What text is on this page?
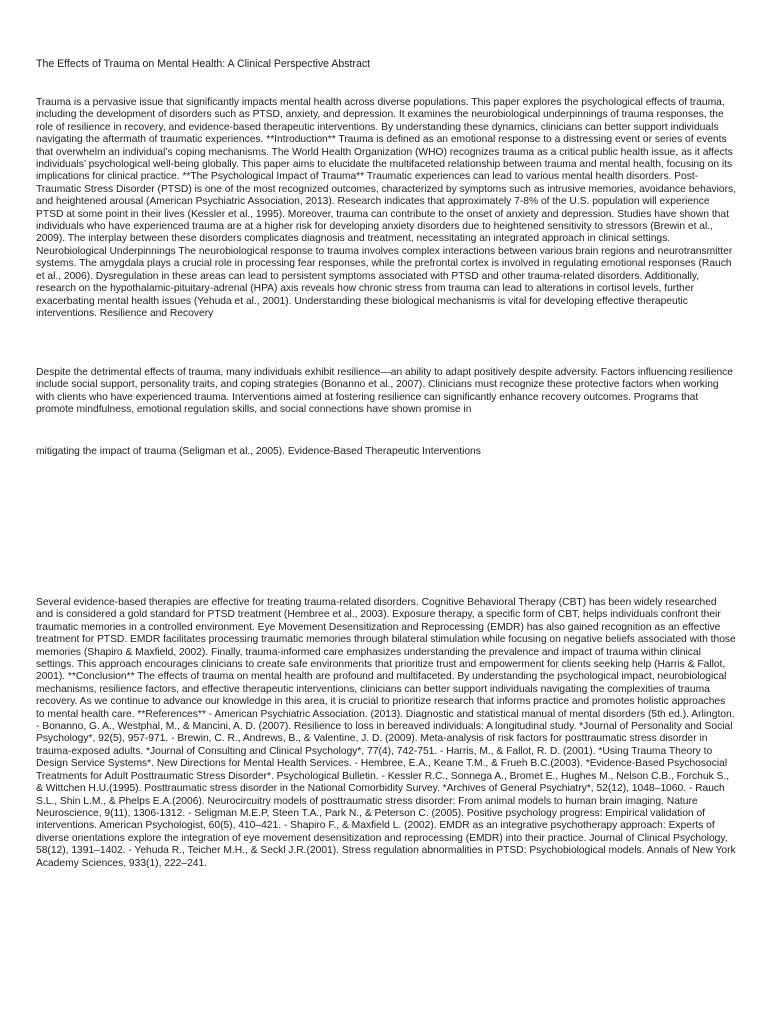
The Effects of Trauma on Mental Health: A Clinical Perspective Abstract

Trauma is a pervasive issue that significantly impacts mental health across diverse populations. This paper explores the psychological effects of trauma, including the development of disorders such as PTSD, anxiety, and depression. It examines the neurobiological underpinnings of trauma responses, the role of resilience in recovery, and evidence-based therapeutic interventions. By understanding these dynamics, clinicians can better support individuals navigating the aftermath of traumatic experiences. **Introduction** Trauma is defined as an emotional response to a distressing event or series of events that overwhelm an individual’s coping mechanisms. The World Health Organization (WHO) recognizes trauma as a critical public health issue, as it affects individuals’ psychological well-being globally. This paper aims to elucidate the multifaceted relationship between trauma and mental health, focusing on its implications for clinical practice. **The Psychological Impact of Trauma** Traumatic experiences can lead to various mental health disorders. Post-Traumatic Stress Disorder (PTSD) is one of the most recognized outcomes, characterized by symptoms such as intrusive memories, avoidance behaviors, and heightened arousal (American Psychiatric Association, 2013). Research indicates that approximately 7-8% of the U.S. population will experience PTSD at some point in their lives (Kessler et al., 1995). Moreover, trauma can contribute to the onset of anxiety and depression. Studies have shown that individuals who have experienced trauma are at a higher risk for developing anxiety disorders due to heightened sensitivity to stressors (Brewin et al., 2009). The interplay between these disorders complicates diagnosis and treatment, necessitating an integrated approach in clinical settings. Neurobiological Underpinnings The neurobiological response to trauma involves complex interactions between various brain regions and neurotransmitter systems. The amygdala plays a crucial role in processing fear responses, while the prefrontal cortex is involved in regulating emotional responses (Rauch et al., 2006). Dysregulation in these areas can lead to persistent symptoms associated with PTSD and other trauma-related disorders. Additionally, research on the hypothalamic-pituitary-adrenal (HPA) axis reveals how chronic stress from trauma can lead to alterations in cortisol levels, further exacerbating mental health issues (Yehuda et al., 2001). Understanding these biological mechanisms is vital for developing effective therapeutic interventions. Resilience and Recovery

Despite the detrimental effects of trauma, many individuals exhibit resilience—an ability to adapt positively despite adversity. Factors influencing resilience include social support, personality traits, and coping strategies (Bonanno et al., 2007). Clinicians must recognize these protective factors when working with clients who have experienced trauma. Interventions aimed at fostering resilience can significantly enhance recovery outcomes. Programs that promote mindfulness, emotional regulation skills, and social connections have shown promise in

mitigating the impact of trauma (Seligman et al., 2005). Evidence-Based Therapeutic Interventions

Several evidence-based therapies are effective for treating trauma-related disorders. Cognitive Behavioral Therapy (CBT) has been widely researched and is considered a gold standard for PTSD treatment (Hembree et al., 2003). Exposure therapy, a specific form of CBT, helps individuals confront their traumatic memories in a controlled environment. Eye Movement Desensitization and Reprocessing (EMDR) has also gained recognition as an effective treatment for PTSD. EMDR facilitates processing traumatic memories through bilateral stimulation while focusing on negative beliefs associated with those memories (Shapiro & Maxfield, 2002). Finally, trauma-informed care emphasizes understanding the prevalence and impact of trauma within clinical settings. This approach encourages clinicians to create safe environments that prioritize trust and empowerment for clients seeking help (Harris & Fallot, 2001). **Conclusion** The effects of trauma on mental health are profound and multifaceted. By understanding the psychological impact, neurobiological mechanisms, resilience factors, and effective therapeutic interventions, clinicians can better support individuals navigating the complexities of trauma recovery. As we continue to advance our knowledge in this area, it is crucial to prioritize research that informs practice and promotes holistic approaches to mental health care. **References** - American Psychiatric Association. (2013). Diagnostic and statistical manual of mental disorders (5th ed.). Arlington. - Bonanno, G. A., Westphal, M., & Mancini, A. D. (2007). Resilience to loss in bereaved individuals: A longitudinal study. *Journal of Personality and Social Psychology*, 92(5), 957-971. - Brewin, C. R., Andrews, B., & Valentine, J. D. (2009). Meta-analysis of risk factors for posttraumatic stress disorder in trauma-exposed adults. *Journal of Consulting and Clinical Psychology*, 77(4), 742-751. - Harris, M., & Fallot, R. D. (2001). *Using Trauma Theory to Design Service Systems*. New Directions for Mental Health Services. - Hembree, E.A., Keane T.M., & Frueh B.C.(2003). *Evidence-Based Psychosocial Treatments for Adult Posttraumatic Stress Disorder*. Psychological Bulletin. - Kessler R.C., Sonnega A., Bromet E., Hughes M., Nelson C.B., Forchuk S., & Wittchen H.U.(1995). Posttraumatic stress disorder in the National Comorbidity Survey. *Archives of General Psychiatry*, 52(12), 1048–1060. - Rauch S.L., Shin L.M., & Phelps E.A.(2006). Neurocircuitry models of posttraumatic stress disorder: From animal models to human brain imaging. Nature Neuroscience, 9(11), 1306-1312. - Seligman M.E.P, Steen T.A., Park N., & Peterson C. (2005). Positive psychology progress: Empirical validation of interventions. American Psychologist, 60(5), 410–421. - Shapiro F., & Maxfield L. (2002). EMDR as an integrative psychotherapy approach: Experts of diverse orientations explore the integration of eye movement desensitization and reprocessing (EMDR) into their practice. Journal of Clinical Psychology, 58(12), 1391–1402. - Yehuda R., Teicher M.H., & Seckl J.R.(2001). Stress regulation abnormalities in PTSD: Psychobiological models. Annals of New York Academy Sciences, 933(1), 222–241.
